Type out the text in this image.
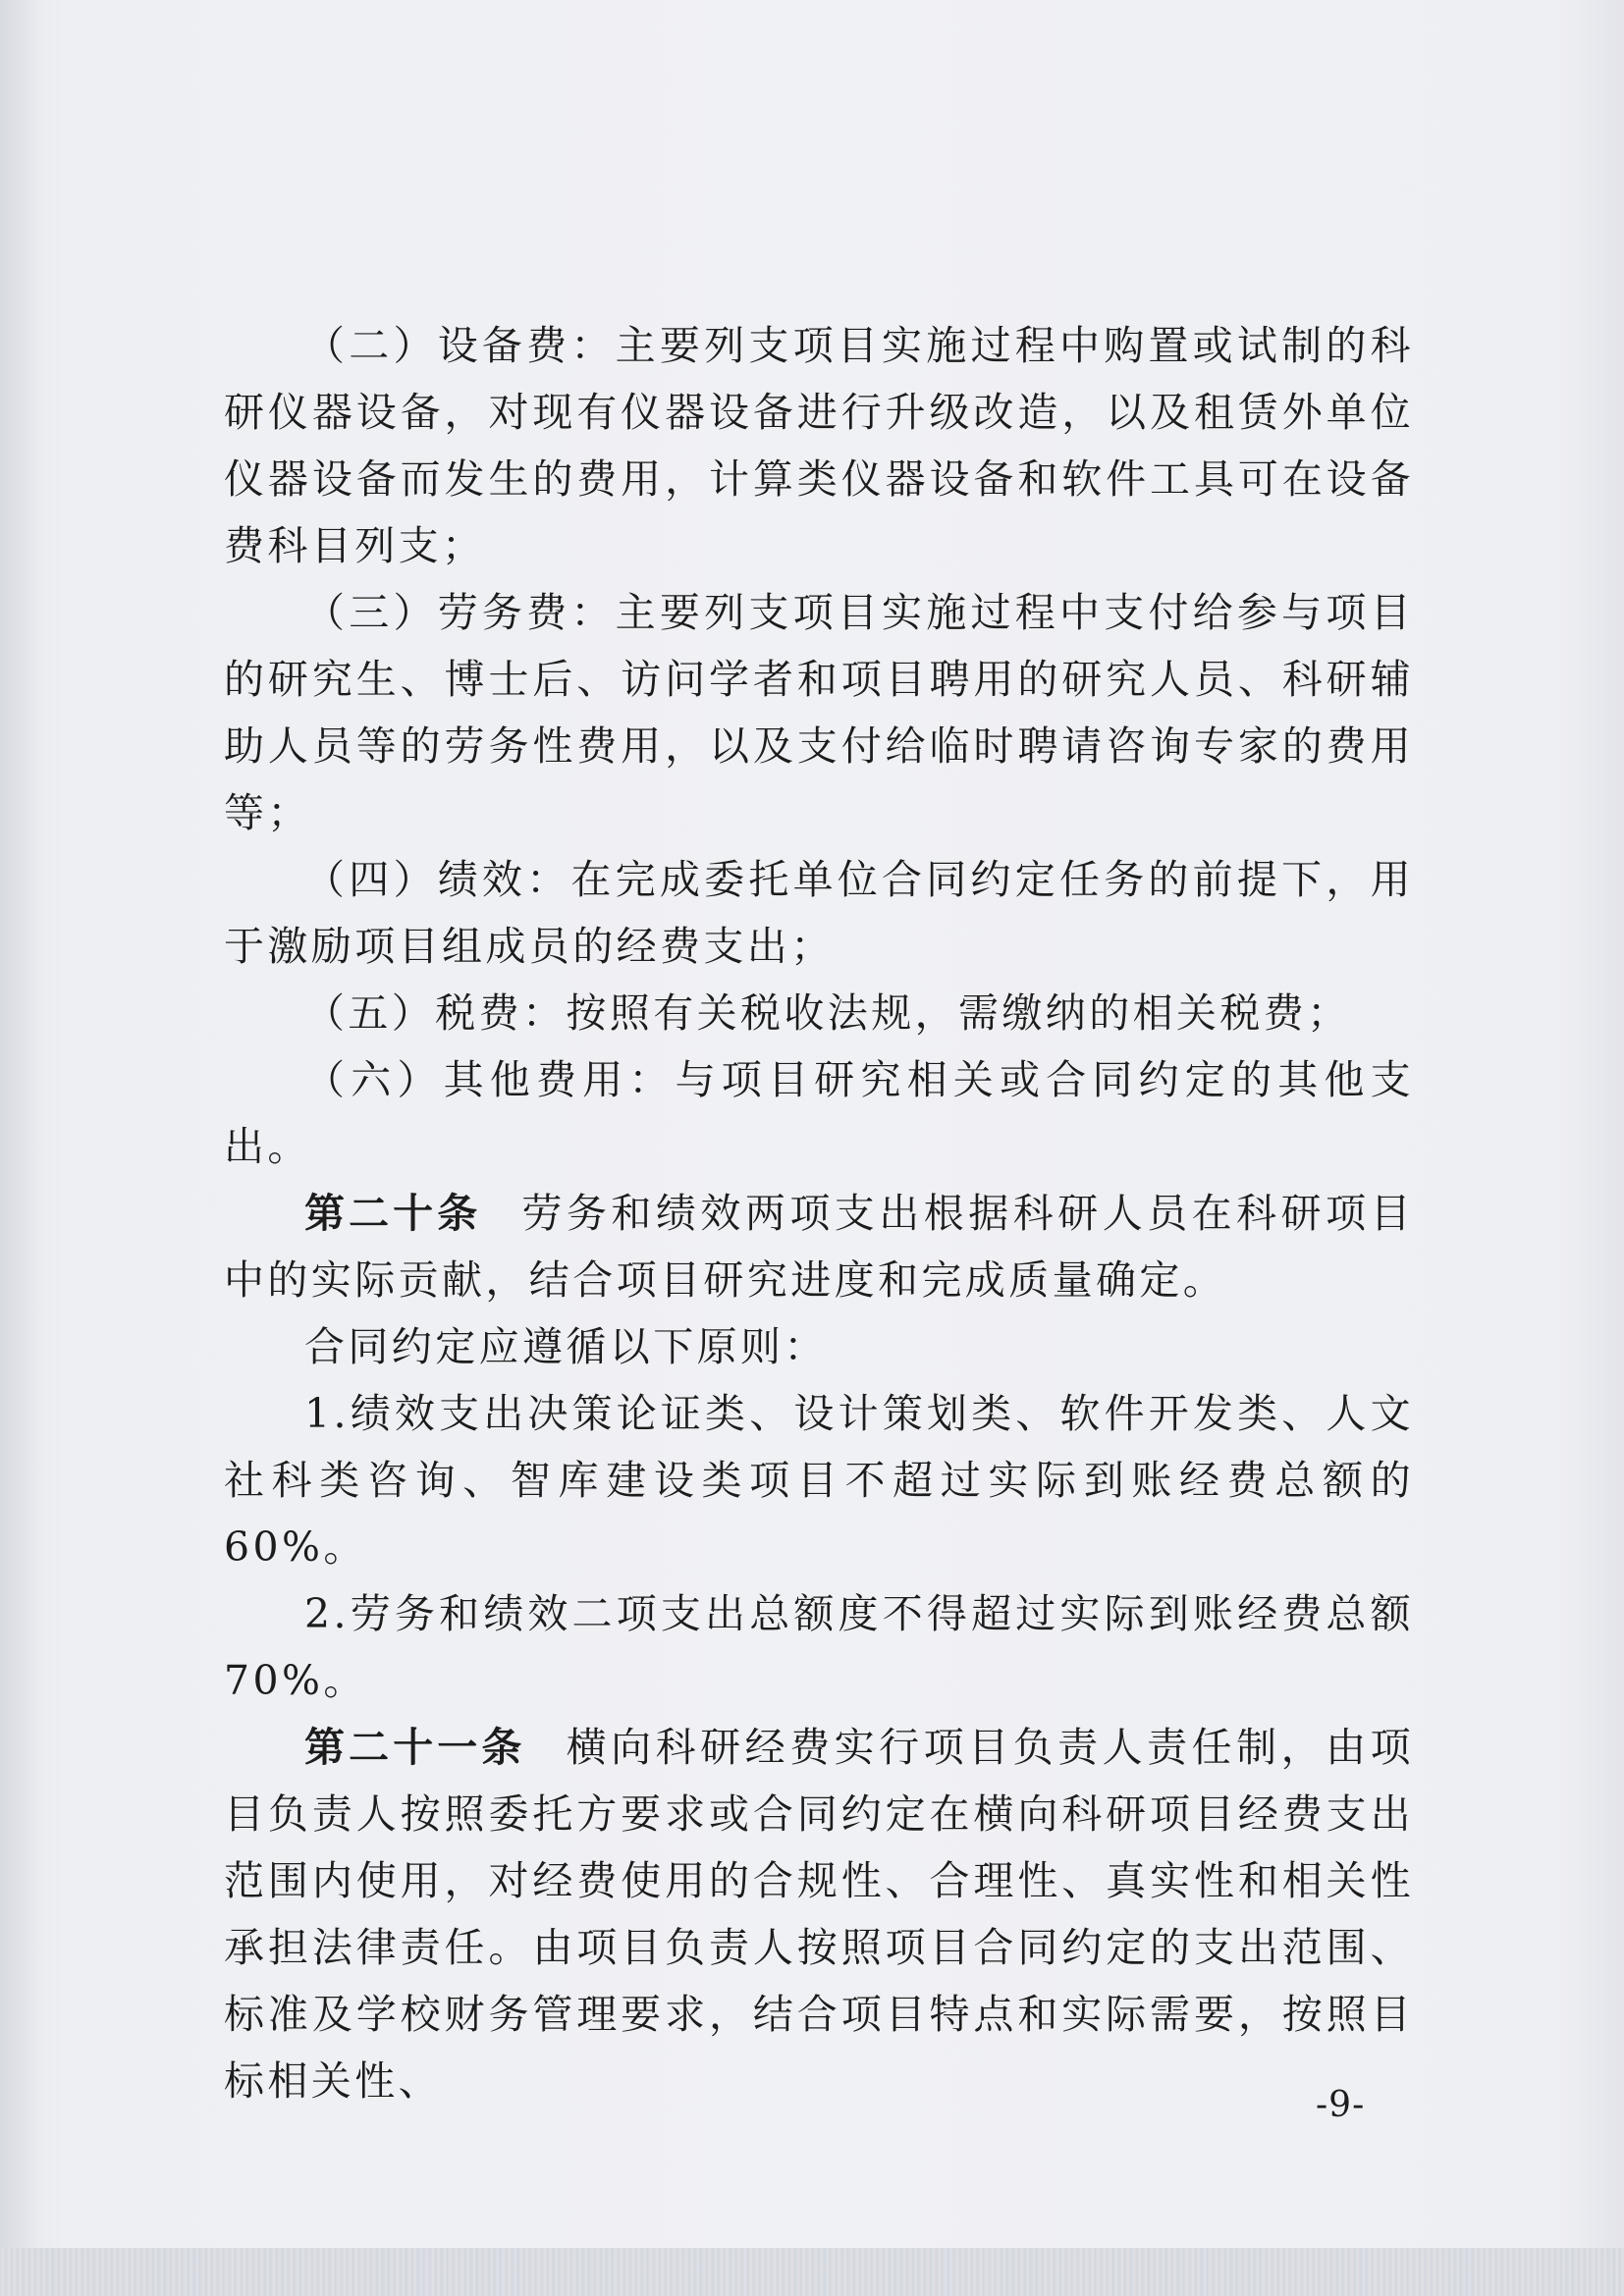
（二）设备费：主要列支项目实施过程中购置或试制的科研仪器设备，对现有仪器设备进行升级改造，以及租赁外单位仪器设备而发生的费用，计算类仪器设备和软件工具可在设备费科目列支；

（三）劳务费：主要列支项目实施过程中支付给参与项目的研究生、博士后、访问学者和项目聘用的研究人员、科研辅助人员等的劳务性费用，以及支付给临时聘请咨询专家的费用等；

（四）绩效：在完成委托单位合同约定任务的前提下，用于激励项目组成员的经费支出；

（五）税费：按照有关税收法规，需缴纳的相关税费；

（六）其他费用：与项目研究相关或合同约定的其他支出。

第二十条 劳务和绩效两项支出根据科研人员在科研项目中的实际贡献，结合项目研究进度和完成质量确定。

合同约定应遵循以下原则：

1.绩效支出决策论证类、设计策划类、软件开发类、人文社科类咨询、智库建设类项目不超过实际到账经费总额的60%。

2.劳务和绩效二项支出总额度不得超过实际到账经费总额70%。

第二十一条 横向科研经费实行项目负责人责任制，由项目负责人按照委托方要求或合同约定在横向科研项目经费支出范围内使用，对经费使用的合规性、合理性、真实性和相关性承担法律责任。由项目负责人按照项目合同约定的支出范围、标准及学校财务管理要求，结合项目特点和实际需要，按照目标相关性、

-9-
